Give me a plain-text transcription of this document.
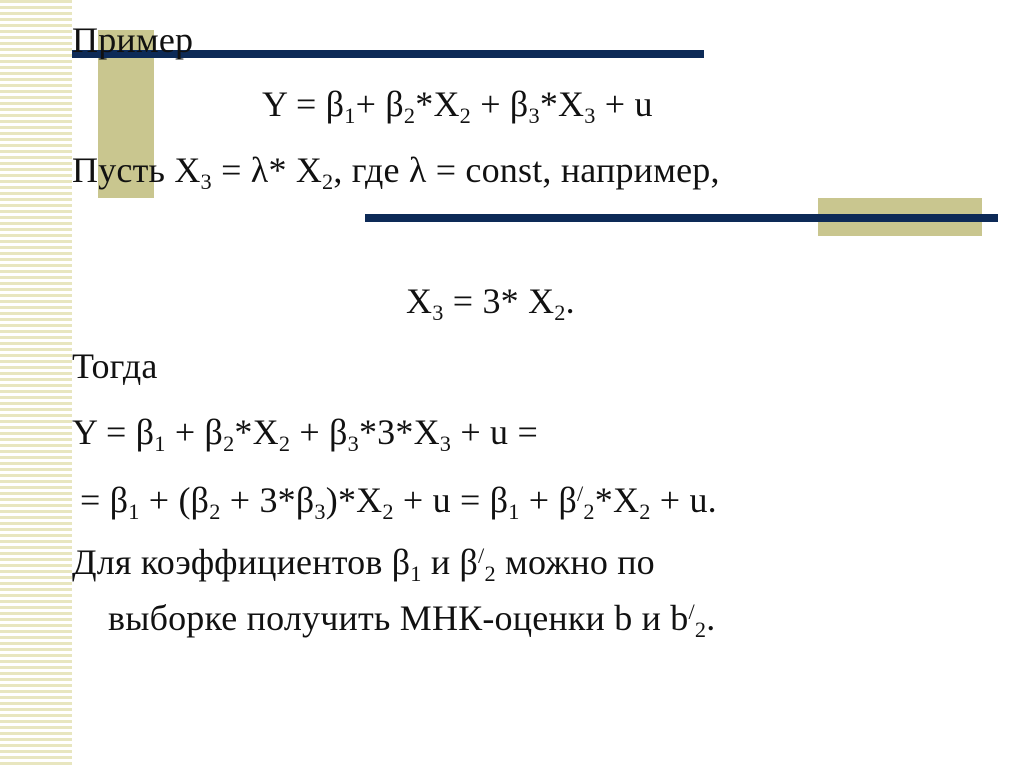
Пример
$Y = \beta_1+ \beta_2*X_2 + \beta_3*X_3 + u$
Пусть $X_3 = \lambda*$ $X_2$, где λ = const, например,
$X_3 = 3*$ $X_2$.
Тогда
$Y = \beta_1 + \beta_2*X_2 + \beta_3*3*X_3 + u$ =
= $\beta_1 + (\beta_2 + 3*\beta_3)*X_2 + u = \beta_1 + \beta^/_2*X_2 + u$.
Для коэффициентов $\beta_1$ и $\beta^/_2$ можно по
выборке получить МНК-оценки b и $b^/_2$.
